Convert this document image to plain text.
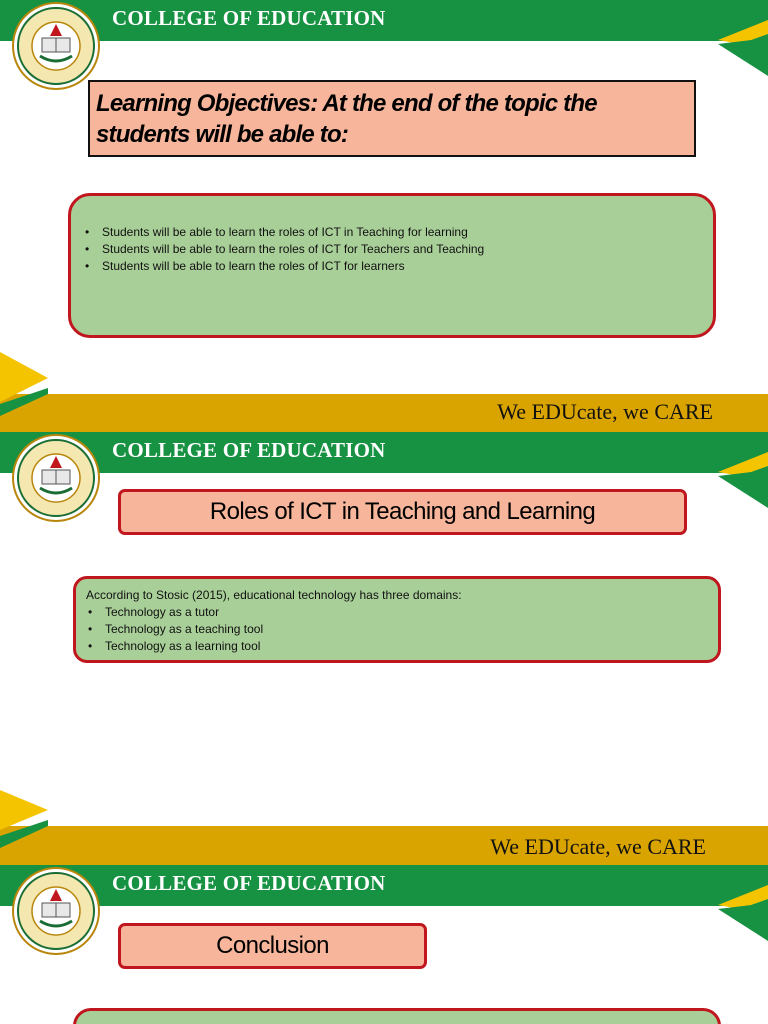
COLLEGE OF EDUCATION
Learning Objectives: At the end of the topic the students will be able to:
• Students will be able to learn the roles of ICT in Teaching for learning
• Students will be able to learn the roles of ICT for Teachers and Teaching
• Students will be able to learn the roles of ICT for learners
We EDUcate, we CARE
COLLEGE OF EDUCATION
Roles of ICT in Teaching and Learning
According to Stosic (2015), educational technology has three domains:
• Technology as a tutor
• Technology as a teaching tool
• Technology as a learning tool
We EDUcate, we CARE
COLLEGE OF EDUCATION
Conclusion
